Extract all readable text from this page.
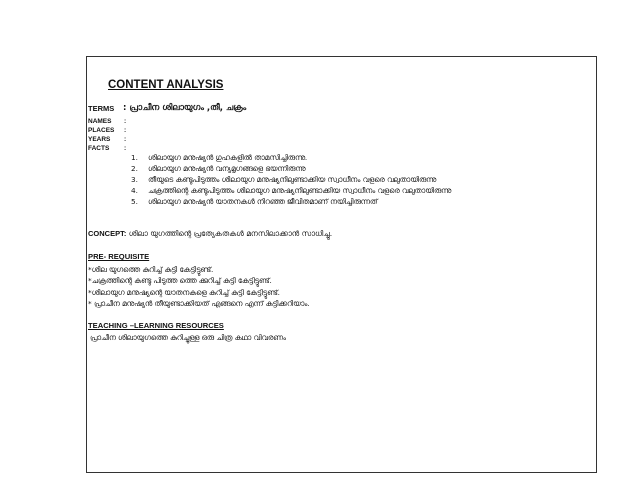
CONTENT ANALYSIS
TERMS : പ്രാചീന ശിലായുഗം ,തീ, ചക്രം
NAMES :
PLACES :
YEARS :
FACTS :
1.	ശിലായുഗ മനുഷ്യൻ ഗുഹകളിൽ താമസിച്ചിരുന്നു.
2.	ശിലായുഗ മനുഷ്യൻ വന്യമൃഗങ്ങളെ ഭയന്നിരുന്നു
3.	തീയുടെ കണ്ടുപിടുത്തം ശിലായുഗ മനുഷ്യനിലുണ്ടാക്കിയ സ്വാധീനം വളരെ വലുതായിരുന്നു
4.	ചക്രത്തിന്റെ കണ്ടുപിടുത്തം ശിലായുഗ മനുഷ്യനിലുണ്ടാക്കിയ സ്വാധീനം വളരെ വലുതായിരുന്നു
5.	ശിലായുഗ മനുഷ്യൻ യാതനകൾ നിറഞ്ഞ ജീവിതമാണ് നയിച്ചിരുന്നത്
CONCEPT: ശിലാ യുഗത്തിന്റെ പ്രത്യേകതകൾ മനസിലാക്കാൻ സാധിച്ചു.
PRE- REQUISITE
*ശില യുഗത്തെ കുറിച്ച് കുട്ടി കേട്ടിട്ടുണ്ട്.
*ചക്രത്തിന്റെ കണ്ടു പിടുത്ത ത്തെ ക്കുറിച്ച് കുട്ടി കേട്ടിട്ടുണ്ട്.
*ശിലായുഗ മനുഷ്യന്റെ യാതനകളെ കുറിച്ച് കുട്ടി കേട്ടിട്ടുണ്ട്.
* പ്രാചീന മനുഷ്യൻ തീയുണ്ടാക്കിയത് എങ്ങനെ എന്ന് കുട്ടിക്കറിയാം.
TEACHING –LEARNING RESOURCES
പ്രാചീന ശിലായുഗത്തെ കുറിച്ചുള്ള ഒരു ചിത്ര കഥാ വിവരണം
